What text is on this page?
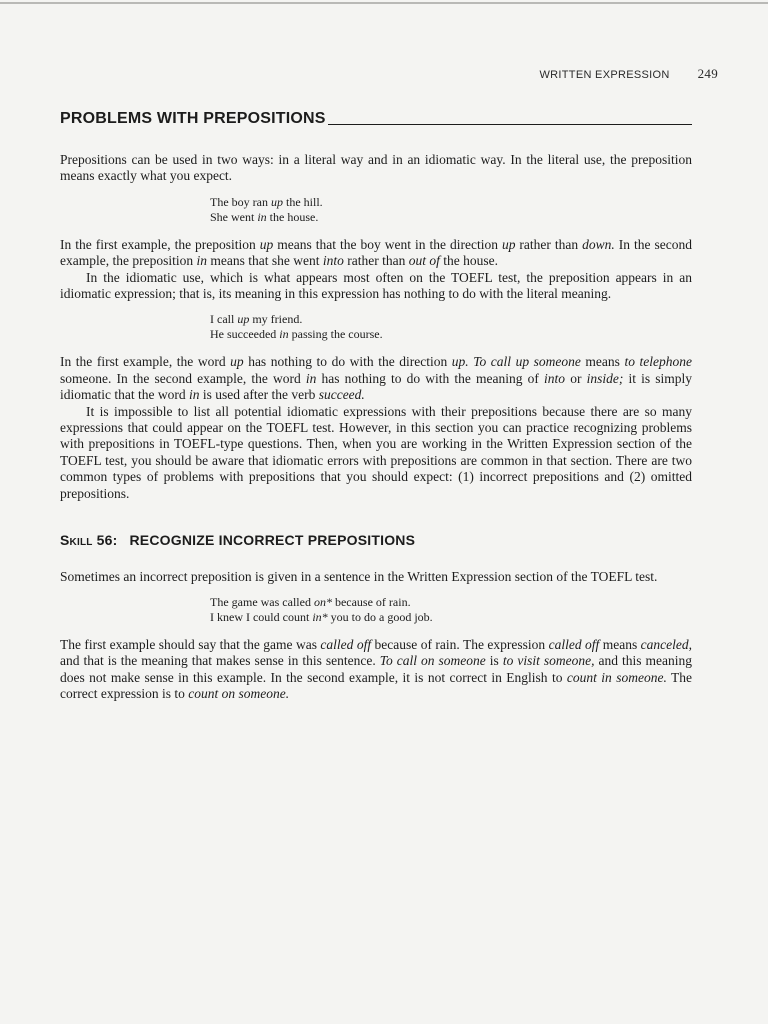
WRITTEN EXPRESSION 249
PROBLEMS WITH PREPOSITIONS

Prepositions can be used in two ways: in a literal way and in an idiomatic way. In the literal use, the preposition means exactly what you expect.

The boy ran up the hill.
She went in the house.

In the first example, the preposition up means that the boy went in the direction up rather than down. In the second example, the preposition in means that she went into rather than out of the house.

In the idiomatic use, which is what appears most often on the TOEFL test, the preposition appears in an idiomatic expression; that is, its meaning in this expression has nothing to do with the literal meaning.

I call up my friend.
He succeeded in passing the course.

In the first example, the word up has nothing to do with the direction up. To call up someone means to telephone someone. In the second example, the word in has nothing to do with the meaning of into or inside; it is simply idiomatic that the word in is used after the verb succeed.

It is impossible to list all potential idiomatic expressions with their prepositions because there are so many expressions that could appear on the TOEFL test. However, in this section you can practice recognizing problems with prepositions in TOEFL-type questions. Then, when you are working in the Written Expression section of the TOEFL test, you should be aware that idiomatic errors with prepositions are common in that section. There are two common types of problems with prepositions that you should expect: (1) incorrect prepositions and (2) omitted prepositions.

Skill 56: RECOGNIZE INCORRECT PREPOSITIONS

Sometimes an incorrect preposition is given in a sentence in the Written Expression section of the TOEFL test.

The game was called on* because of rain.
I knew I could count in* you to do a good job.

The first example should say that the game was called off because of rain. The expression called off means canceled, and that is the meaning that makes sense in this sentence. To call on someone is to visit someone, and this meaning does not make sense in this example. In the second example, it is not correct in English to count in someone. The correct expression is to count on someone.
